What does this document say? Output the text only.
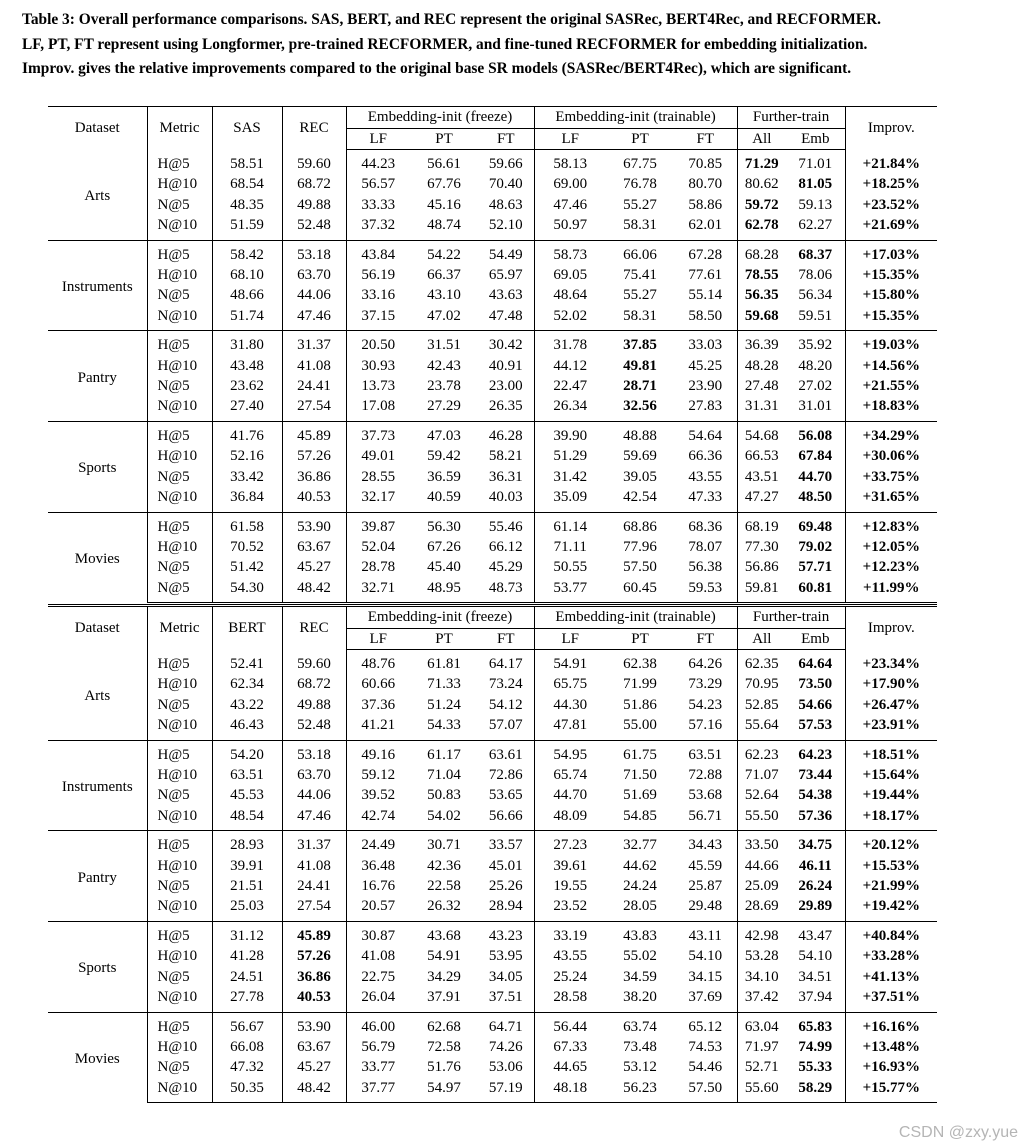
Table 3: Overall performance comparisons. SAS, BERT, and REC represent the original SASRec, BERT4Rec, and RECFORMER.
LF, PT, FT represent using Longformer, pre-trained RECFORMER, and fine-tuned RECFORMER for embedding initialization.
Improv. gives the relative improvements compared to the original base SR models (SASRec/BERT4Rec), which are significant.
Dataset	Metric	SAS	REC	Embedding-init (freeze)			Embedding-init (trainable)			Further-train		Improv.
				LF	PT	FT	LF	PT	FT	All	Emb	
Arts	H@5	58.51	59.60	44.23	56.61	59.66	58.13	67.75	70.85	71.29	71.01	+21.84%
	H@10	68.54	68.72	56.57	67.76	70.40	69.00	76.78	80.70	80.62	81.05	+18.25%
	N@5	48.35	49.88	33.33	45.16	48.63	47.46	55.27	58.86	59.72	59.13	+23.52%
	N@10	51.59	52.48	37.32	48.74	52.10	50.97	58.31	62.01	62.78	62.27	+21.69%
Instruments	H@5	58.42	53.18	43.84	54.22	54.49	58.73	66.06	67.28	68.28	68.37	+17.03%
	H@10	68.10	63.70	56.19	66.37	65.97	69.05	75.41	77.61	78.55	78.06	+15.35%
	N@5	48.66	44.06	33.16	43.10	43.63	48.64	55.27	55.14	56.35	56.34	+15.80%
	N@10	51.74	47.46	37.15	47.02	47.48	52.02	58.31	58.50	59.68	59.51	+15.35%
Pantry	H@5	31.80	31.37	20.50	31.51	30.42	31.78	37.85	33.03	36.39	35.92	+19.03%
	H@10	43.48	41.08	30.93	42.43	40.91	44.12	49.81	45.25	48.28	48.20	+14.56%
	N@5	23.62	24.41	13.73	23.78	23.00	22.47	28.71	23.90	27.48	27.02	+21.55%
	N@10	27.40	27.54	17.08	27.29	26.35	26.34	32.56	27.83	31.31	31.01	+18.83%
Sports	H@5	41.76	45.89	37.73	47.03	46.28	39.90	48.88	54.64	54.68	56.08	+34.29%
	H@10	52.16	57.26	49.01	59.42	58.21	51.29	59.69	66.36	66.53	67.84	+30.06%
	N@5	33.42	36.86	28.55	36.59	36.31	31.42	39.05	43.55	43.51	44.70	+33.75%
	N@10	36.84	40.53	32.17	40.59	40.03	35.09	42.54	47.33	47.27	48.50	+31.65%
Movies	H@5	61.58	53.90	39.87	56.30	55.46	61.14	68.86	68.36	68.19	69.48	+12.83%
	H@10	70.52	63.67	52.04	67.26	66.12	71.11	77.96	78.07	77.30	79.02	+12.05%
	N@5	51.42	45.27	28.78	45.40	45.29	50.55	57.50	56.38	56.86	57.71	+12.23%
	N@5	54.30	48.42	32.71	48.95	48.73	53.77	60.45	59.53	59.81	60.81	+11.99%
Dataset	Metric	BERT	REC	Embedding-init (freeze)			Embedding-init (trainable)			Further-train		Improv.
				LF	PT	FT	LF	PT	FT	All	Emb	
Arts	H@5	52.41	59.60	48.76	61.81	64.17	54.91	62.38	64.26	62.35	64.64	+23.34%
	H@10	62.34	68.72	60.66	71.33	73.24	65.75	71.99	73.29	70.95	73.50	+17.90%
	N@5	43.22	49.88	37.36	51.24	54.12	44.30	51.86	54.23	52.85	54.66	+26.47%
	N@10	46.43	52.48	41.21	54.33	57.07	47.81	55.00	57.16	55.64	57.53	+23.91%
Instruments	H@5	54.20	53.18	49.16	61.17	63.61	54.95	61.75	63.51	62.23	64.23	+18.51%
	H@10	63.51	63.70	59.12	71.04	72.86	65.74	71.50	72.88	71.07	73.44	+15.64%
	N@5	45.53	44.06	39.52	50.83	53.65	44.70	51.69	53.68	52.64	54.38	+19.44%
	N@10	48.54	47.46	42.74	54.02	56.66	48.09	54.85	56.71	55.50	57.36	+18.17%
Pantry	H@5	28.93	31.37	24.49	30.71	33.57	27.23	32.77	34.43	33.50	34.75	+20.12%
	H@10	39.91	41.08	36.48	42.36	45.01	39.61	44.62	45.59	44.66	46.11	+15.53%
	N@5	21.51	24.41	16.76	22.58	25.26	19.55	24.24	25.87	25.09	26.24	+21.99%
	N@10	25.03	27.54	20.57	26.32	28.94	23.52	28.05	29.48	28.69	29.89	+19.42%
Sports	H@5	31.12	45.89	30.87	43.68	43.23	33.19	43.83	43.11	42.98	43.47	+40.84%
	H@10	41.28	57.26	41.08	54.91	53.95	43.55	55.02	54.10	53.28	54.10	+33.28%
	N@5	24.51	36.86	22.75	34.29	34.05	25.24	34.59	34.15	34.10	34.51	+41.13%
	N@10	27.78	40.53	26.04	37.91	37.51	28.58	38.20	37.69	37.42	37.94	+37.51%
Movies	H@5	56.67	53.90	46.00	62.68	64.71	56.44	63.74	65.12	63.04	65.83	+16.16%
	H@10	66.08	63.67	56.79	72.58	74.26	67.33	73.48	74.53	71.97	74.99	+13.48%
	N@5	47.32	45.27	33.77	51.76	53.06	44.65	53.12	54.46	52.71	55.33	+16.93%
	N@10	50.35	48.42	37.77	54.97	57.19	48.18	56.23	57.50	55.60	58.29	+15.77%
CSDN @zxy.yue
